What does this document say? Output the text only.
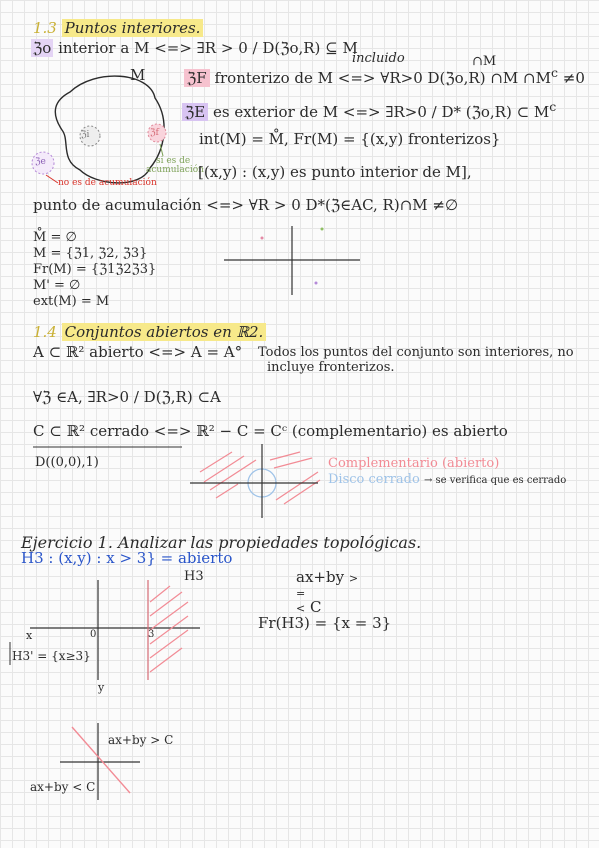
1.3 Puntos interiores.
ℨo interior a M <=> ∃R > 0 / D(ℨo,R) ⊆ M
incluido	∩M
M	ℨF fronterizo de M <=> ∀R>0 D(ℨo,R) ∩M $\cap M^c \ne 0$
ℨE es exterior de M <=> ∃R>0 / D* (ℨo,R) ⊂ $M^c$
int(M) = M̊, Fr(M) = {(x,y) fronterizos}
ℨi	ℨf
ℨe	si es de
acumulación
no es de acumulación
[(x,y) : (x,y) es punto interior de M],
punto de acumulación <=> ∀R > 0 D*(ℨ∈AC, R)∩M ≠∅
M̊ = ∅
M = {ℨ1, ℨ2, ℨ3}
Fr(M) = {ℨ1ℨ2ℨ3}
M' = ∅
ext(M) = M
1.4 Conjuntos abiertos en ℝ2.
A ⊂ ℝ² abierto <=> A = A° Todos los puntos del conjunto son interiores, no
incluye fronterizos.
∀ℨ ∈A, ∃R>0 / D(ℨ,R) ⊂A
C ⊂ ℝ² cerrado <=> ℝ² − C = Cᶜ (complementario) es abierto
D((0,0),1)	Complementario (abierto)
Disco cerrado → se verifica que es cerrado
Ejercicio 1. Analizar las propiedades topológicas.
H3 : (x,y) : x > 3} = abierto
H3	ax+by >
=
< C
Fr(H3) = {x = 3}
x	0	3
H3' = {x≥3}
y
ax+by > C
ax+by < C
